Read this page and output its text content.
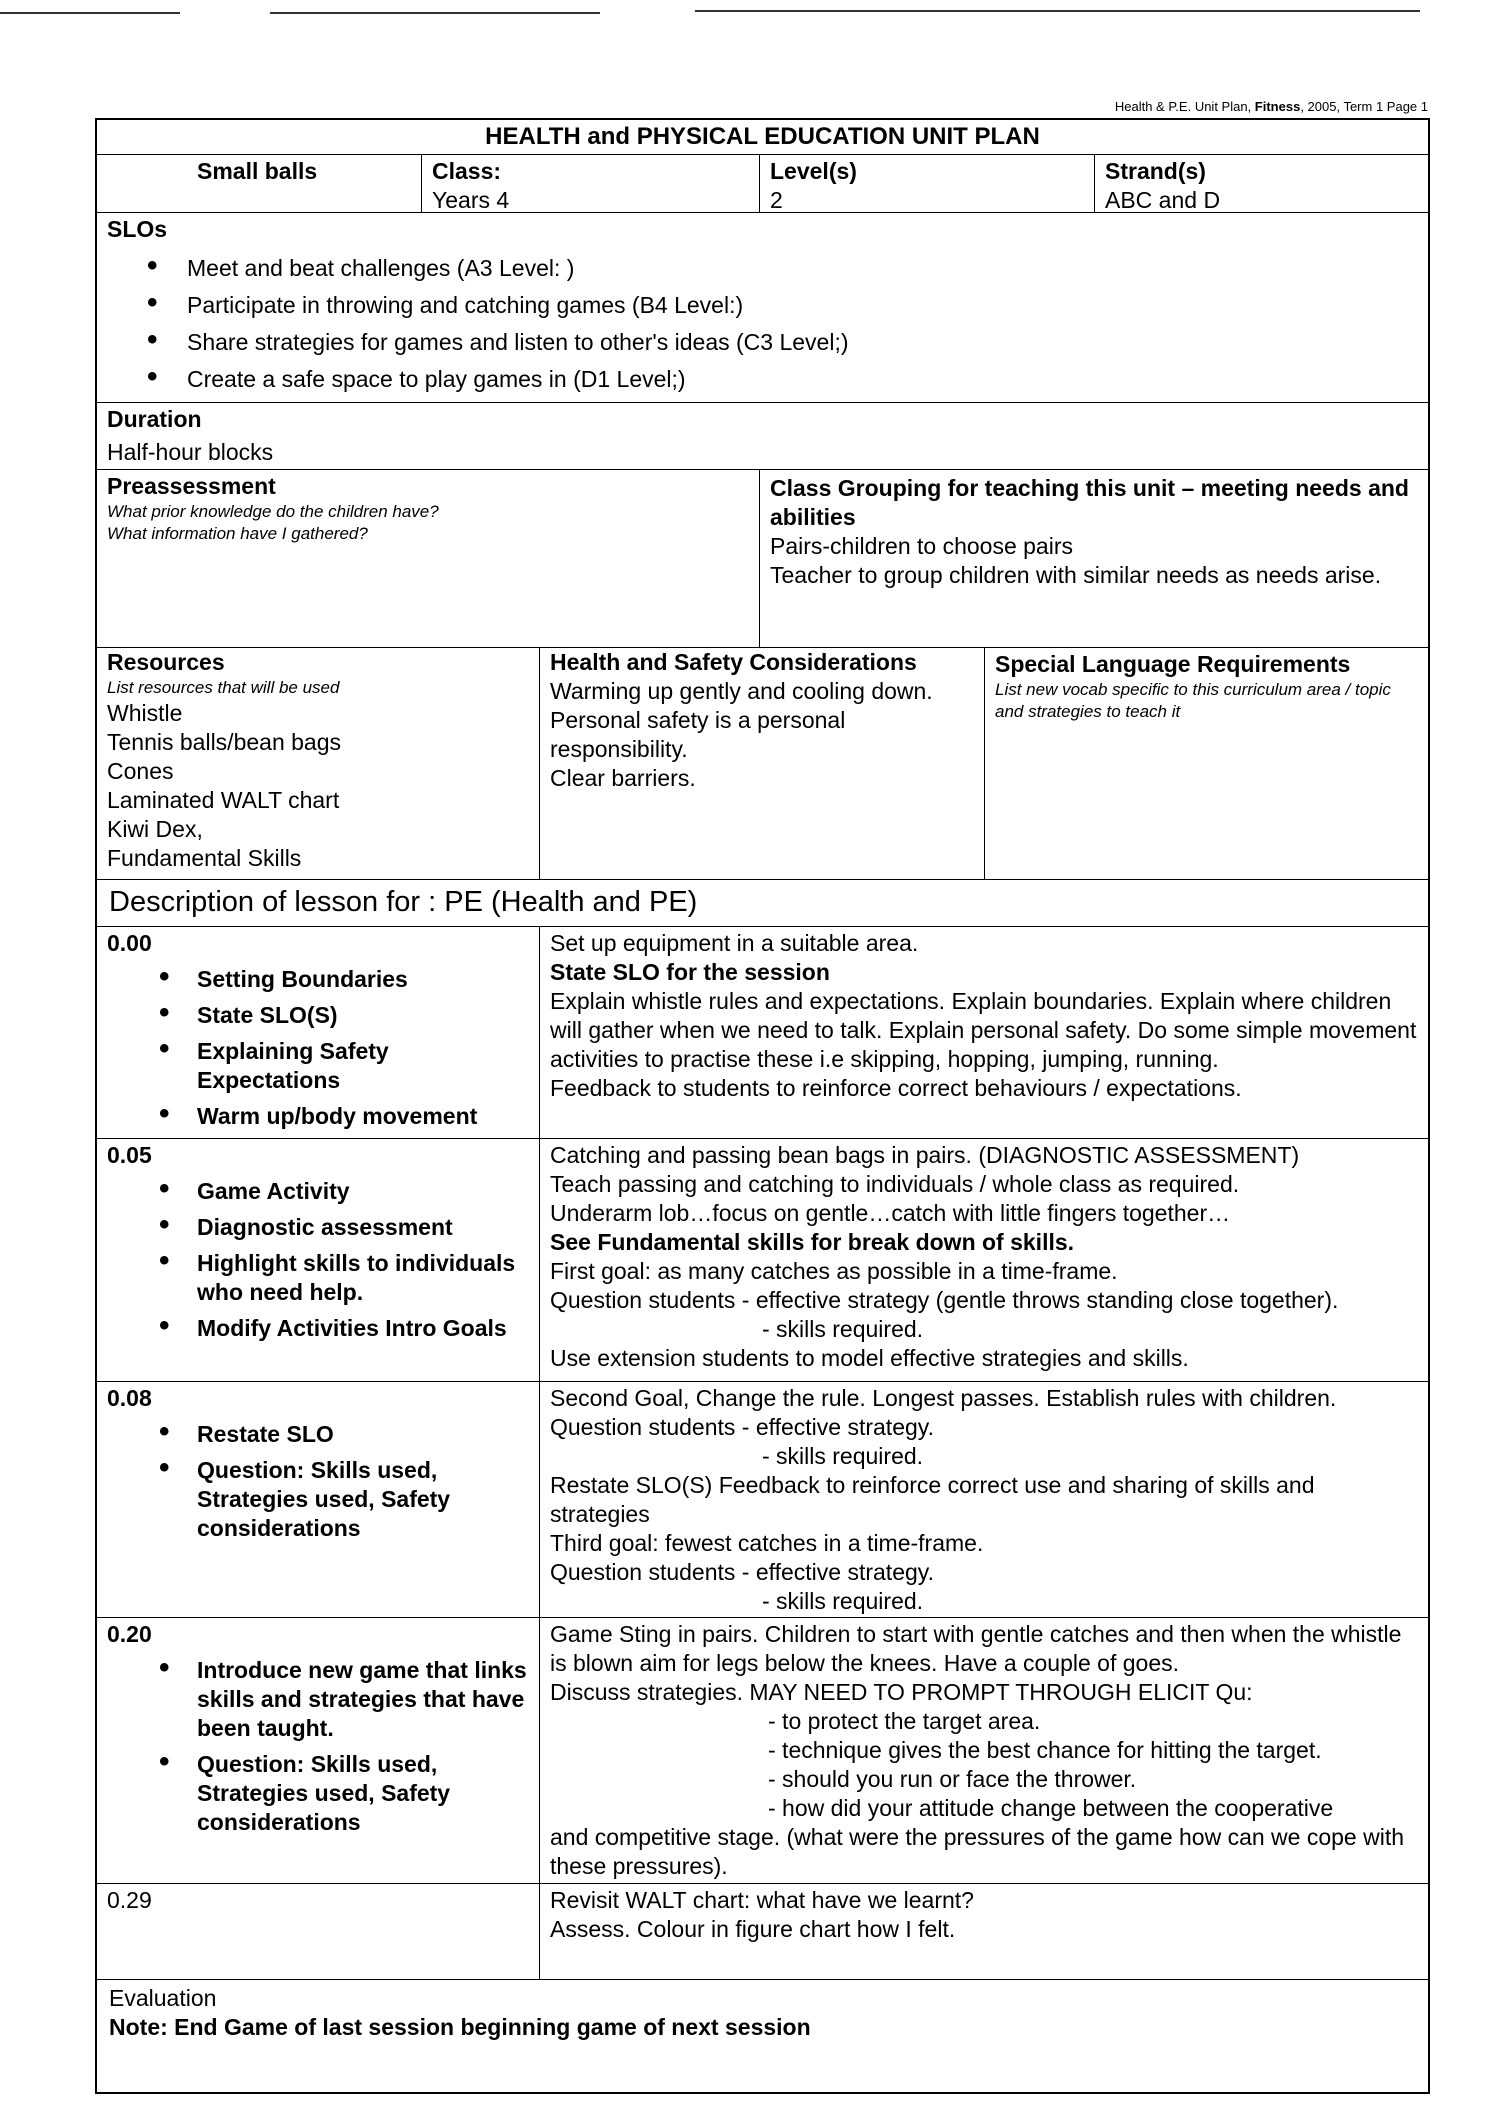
Health & P.E. Unit Plan, Fitness, 2005, Term 1 Page 1
HEALTH and PHYSICAL EDUCATION UNIT PLAN
Small balls	Class:
Years 4
Level(s)
2
Strand(s)
ABC and D
SLOs
• Meet and beat challenges (A3 Level: )
• Participate in throwing and catching games (B4 Level:)
• Share strategies for games and listen to other's ideas (C3 Level;)
• Create a safe space to play games in (D1 Level;)
Duration
Half-hour blocks
Preassessment
What prior knowledge do the children have?
What information have I gathered?
Class Grouping for teaching this unit – meeting needs and abilities
Pairs-children to choose pairs
Teacher to group children with similar needs as needs arise.
Resources
List resources that will be used
Whistle
Tennis balls/bean bags
Cones
Laminated WALT chart
Kiwi Dex,
Fundamental Skills
Health and Safety Considerations
Warming up gently and cooling down.
Personal safety is a personal responsibility.
Clear barriers.
Special Language Requirements
List new vocab specific to this curriculum area / topic and strategies to teach it
Description of lesson for : PE (Health and PE)
0.00
• Setting Boundaries
• State SLO(S)
• Explaining Safety Expectations
• Warm up/body movement
Set up equipment in a suitable area.
State SLO for the session
Explain whistle rules and expectations. Explain boundaries. Explain where children will gather when we need to talk. Explain personal safety. Do some simple movement activities to practise these i.e skipping, hopping, jumping, running.
Feedback to students to reinforce correct behaviours / expectations.
0.05
• Game Activity
• Diagnostic assessment
• Highlight skills to individuals who need help.
• Modify Activities Intro Goals
Catching and passing bean bags in pairs. (DIAGNOSTIC ASSESSMENT)
Teach passing and catching to individuals / whole class as required.
Underarm lob…focus on gentle…catch with little fingers together…
See Fundamental skills for break down of skills.
First goal: as many catches as possible in a time-frame.
Question students - effective strategy (gentle throws standing close together).
- skills required.
Use extension students to model effective strategies and skills.
0.08
• Restate SLO
• Question: Skills used, Strategies used, Safety considerations
Second Goal, Change the rule. Longest passes. Establish rules with children.
Question students - effective strategy.
- skills required.
Restate SLO(S) Feedback to reinforce correct use and sharing of skills and strategies
Third goal: fewest catches in a time-frame.
Question students - effective strategy.
- skills required.
0.20
• Introduce new game that links skills and strategies that have been taught.
• Question: Skills used, Strategies used, Safety considerations
Game Sting in pairs. Children to start with gentle catches and then when the whistle is blown aim for legs below the knees. Have a couple of goes.
Discuss strategies. MAY NEED TO PROMPT THROUGH ELICIT Qu:
- to protect the target area.
- technique gives the best chance for hitting the target.
- should you run or face the thrower.
- how did your attitude change between the cooperative
and competitive stage. (what were the pressures of the game how can we cope with these pressures).
0.29	Revisit WALT chart: what have we learnt?
Assess. Colour in figure chart how I felt.
Evaluation
Note: End Game of last session beginning game of next session
